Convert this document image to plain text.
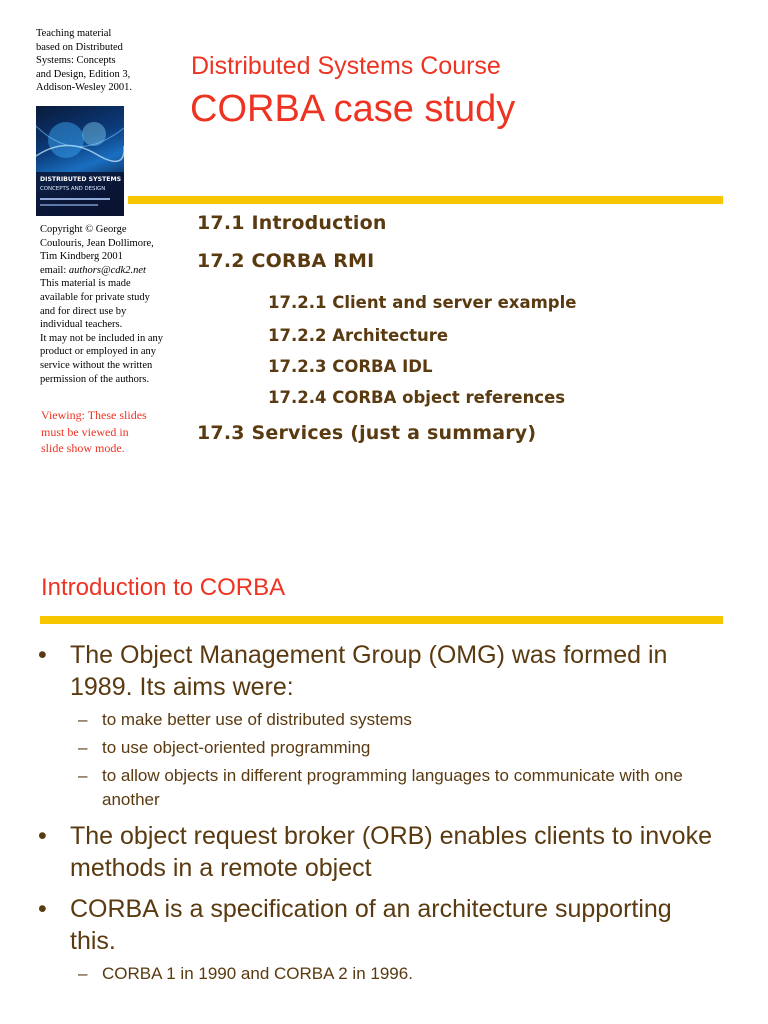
Teaching material
based on Distributed
Systems: Concepts
and Design, Edition 3,
Addison-Wesley 2001.
DISTRIBUTED SYSTEMS
CONCEPTS AND DESIGN
Distributed Systems Course
CORBA case study
Copyright © George
Coulouris, Jean Dollimore,
Tim Kindberg 2001
email: authors@cdk2.net
This material is made
available for private study
and for direct use by
individual teachers.
It may not be included in any
product or employed in any
service without the written
permission of the authors.
Viewing: These slides
must be viewed in
slide show mode.
17.1 Introduction
17.2 CORBA RMI
17.2.1 Client and server example
17.2.2 Architecture
17.2.3 CORBA IDL
17.2.4 CORBA object references
17.3 Services (just a summary)
Introduction to CORBA
• The Object Management Group (OMG) was formed in 1989. Its aims were:
– to make better use of distributed systems
– to use object-oriented programming
– to allow objects in different programming languages to communicate with one another
• The object request broker (ORB) enables clients to invoke methods in a remote object
• CORBA is a specification of an architecture supporting this.
– CORBA 1 in 1990 and CORBA 2 in 1996.
